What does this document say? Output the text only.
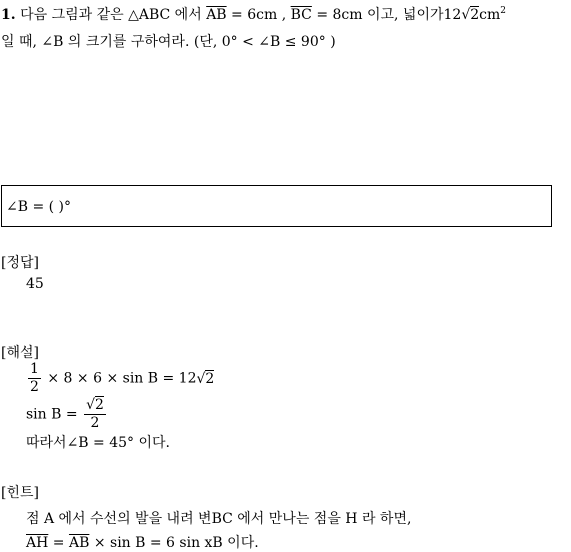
1. 다음 그림과 같은 △ABC 에서 $\overline{AB} = 6cm$ , $\overline{BC} = 8cm$ 이고, 넓이가$12√2cm^2$
일 때, ∠B 의 크기를 구하여라. (단, 0° < ∠B ≤ 90° )
∠B = ( )°
[정답]
45
[해설]
$\frac{1}{2} \times 8 \times 6 \times \sin B = 12√2$
$\sin B = \frac{√2}{2}$
따라서∠B = 45° 이다.
[힌트]
점 A 에서 수선의 발을 내려 변BC 에서 만나는 점을 H 라 하면,
$\overline{AH} = \overline{AB} \times \sin B = 6$ sin xB 이다.
